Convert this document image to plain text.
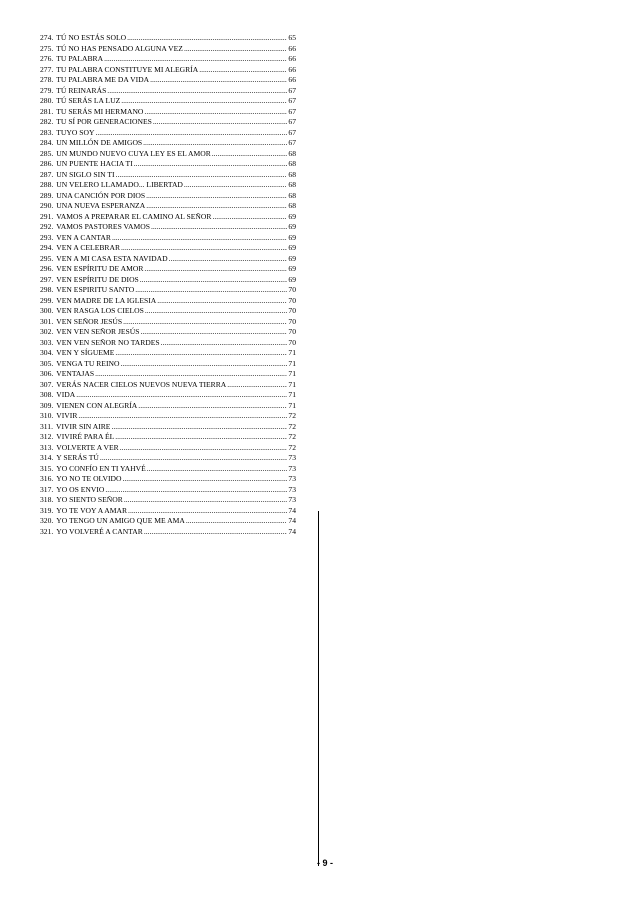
274. TÚ NO ESTÁS SOLO .....	65
275. TÚ NO HAS PENSADO ALGUNA VEZ .....	66
276. TU PALABRA .....	66
277. TU PALABRA CONSTITUYE MI ALEGRÍA .....	66
278. TU PALABRA ME DA VIDA .....	66
279. TÚ REINARÁS .....	67
280. TÚ SERÁS LA LUZ .....	67
281. TU SERÁS MI HERMANO .....	67
282. TU SÍ POR GENERACIONES .....	67
283. TUYO SOY .....	67
284. UN MILLÓN DE AMIGOS .....	67
285. UN MUNDO NUEVO CUYA LEY ES EL AMOR .....	68
286. UN PUENTE HACIA TI .....	68
287. UN SIGLO SIN TI .....	68
288. UN VELERO LLAMADO... LIBERTAD .....	68
289. UNA CANCIÓN POR DIOS .....	68
290. UNA NUEVA ESPERANZA .....	68
291. VAMOS A PREPARAR EL CAMINO AL SEÑOR .....	69
292. VAMOS PASTORES VAMOS .....	69
293. VEN A CANTAR .....	69
294. VEN A CELEBRAR .....	69
295. VEN A MI CASA ESTA NAVIDAD .....	69
296. VEN ESPÍRITU DE AMOR .....	69
297. VEN ESPÍRITU DE DIOS .....	69
298. VEN ESPIRITU SANTO .....	70
299. VEN MADRE DE LA IGLESIA .....	70
300. VEN RASGA LOS CIELOS .....	70
301. VEN SEÑOR JESÚS .....	70
302. VEN VEN SEÑOR JESÚS .....	70
303. VEN VEN SEÑOR NO TARDES .....	70
304. VEN Y SÍGUEME .....	71
305. VENGA TU REINO .....	71
306. VENTAJAS .....	71
307. VERÁS NACER CIELOS NUEVOS NUEVA TIERRA .....	71
308. VIDA .....	71
309. VIENEN CON ALEGRÍA .....	71
310. VIVIR .....	72
311. VIVIR SIN AIRE .....	72
312. VIVIRÉ PARA ÉL .....	72
313. VOLVERTE A VER .....	72
314. Y SERÁS TÚ .....	73
315. YO CONFÍO EN TI YAHVÉ .....	73
316. YO NO TE OLVIDO .....	73
317. YO OS ENVIO .....	73
318. YO SIENTO SEÑOR .....	73
319. YO TE VOY A AMAR .....	74
320. YO TENGO UN AMIGO QUE ME AMA .....	74
321. YO VOLVERÉ A CANTAR .....	74
- 9 -
